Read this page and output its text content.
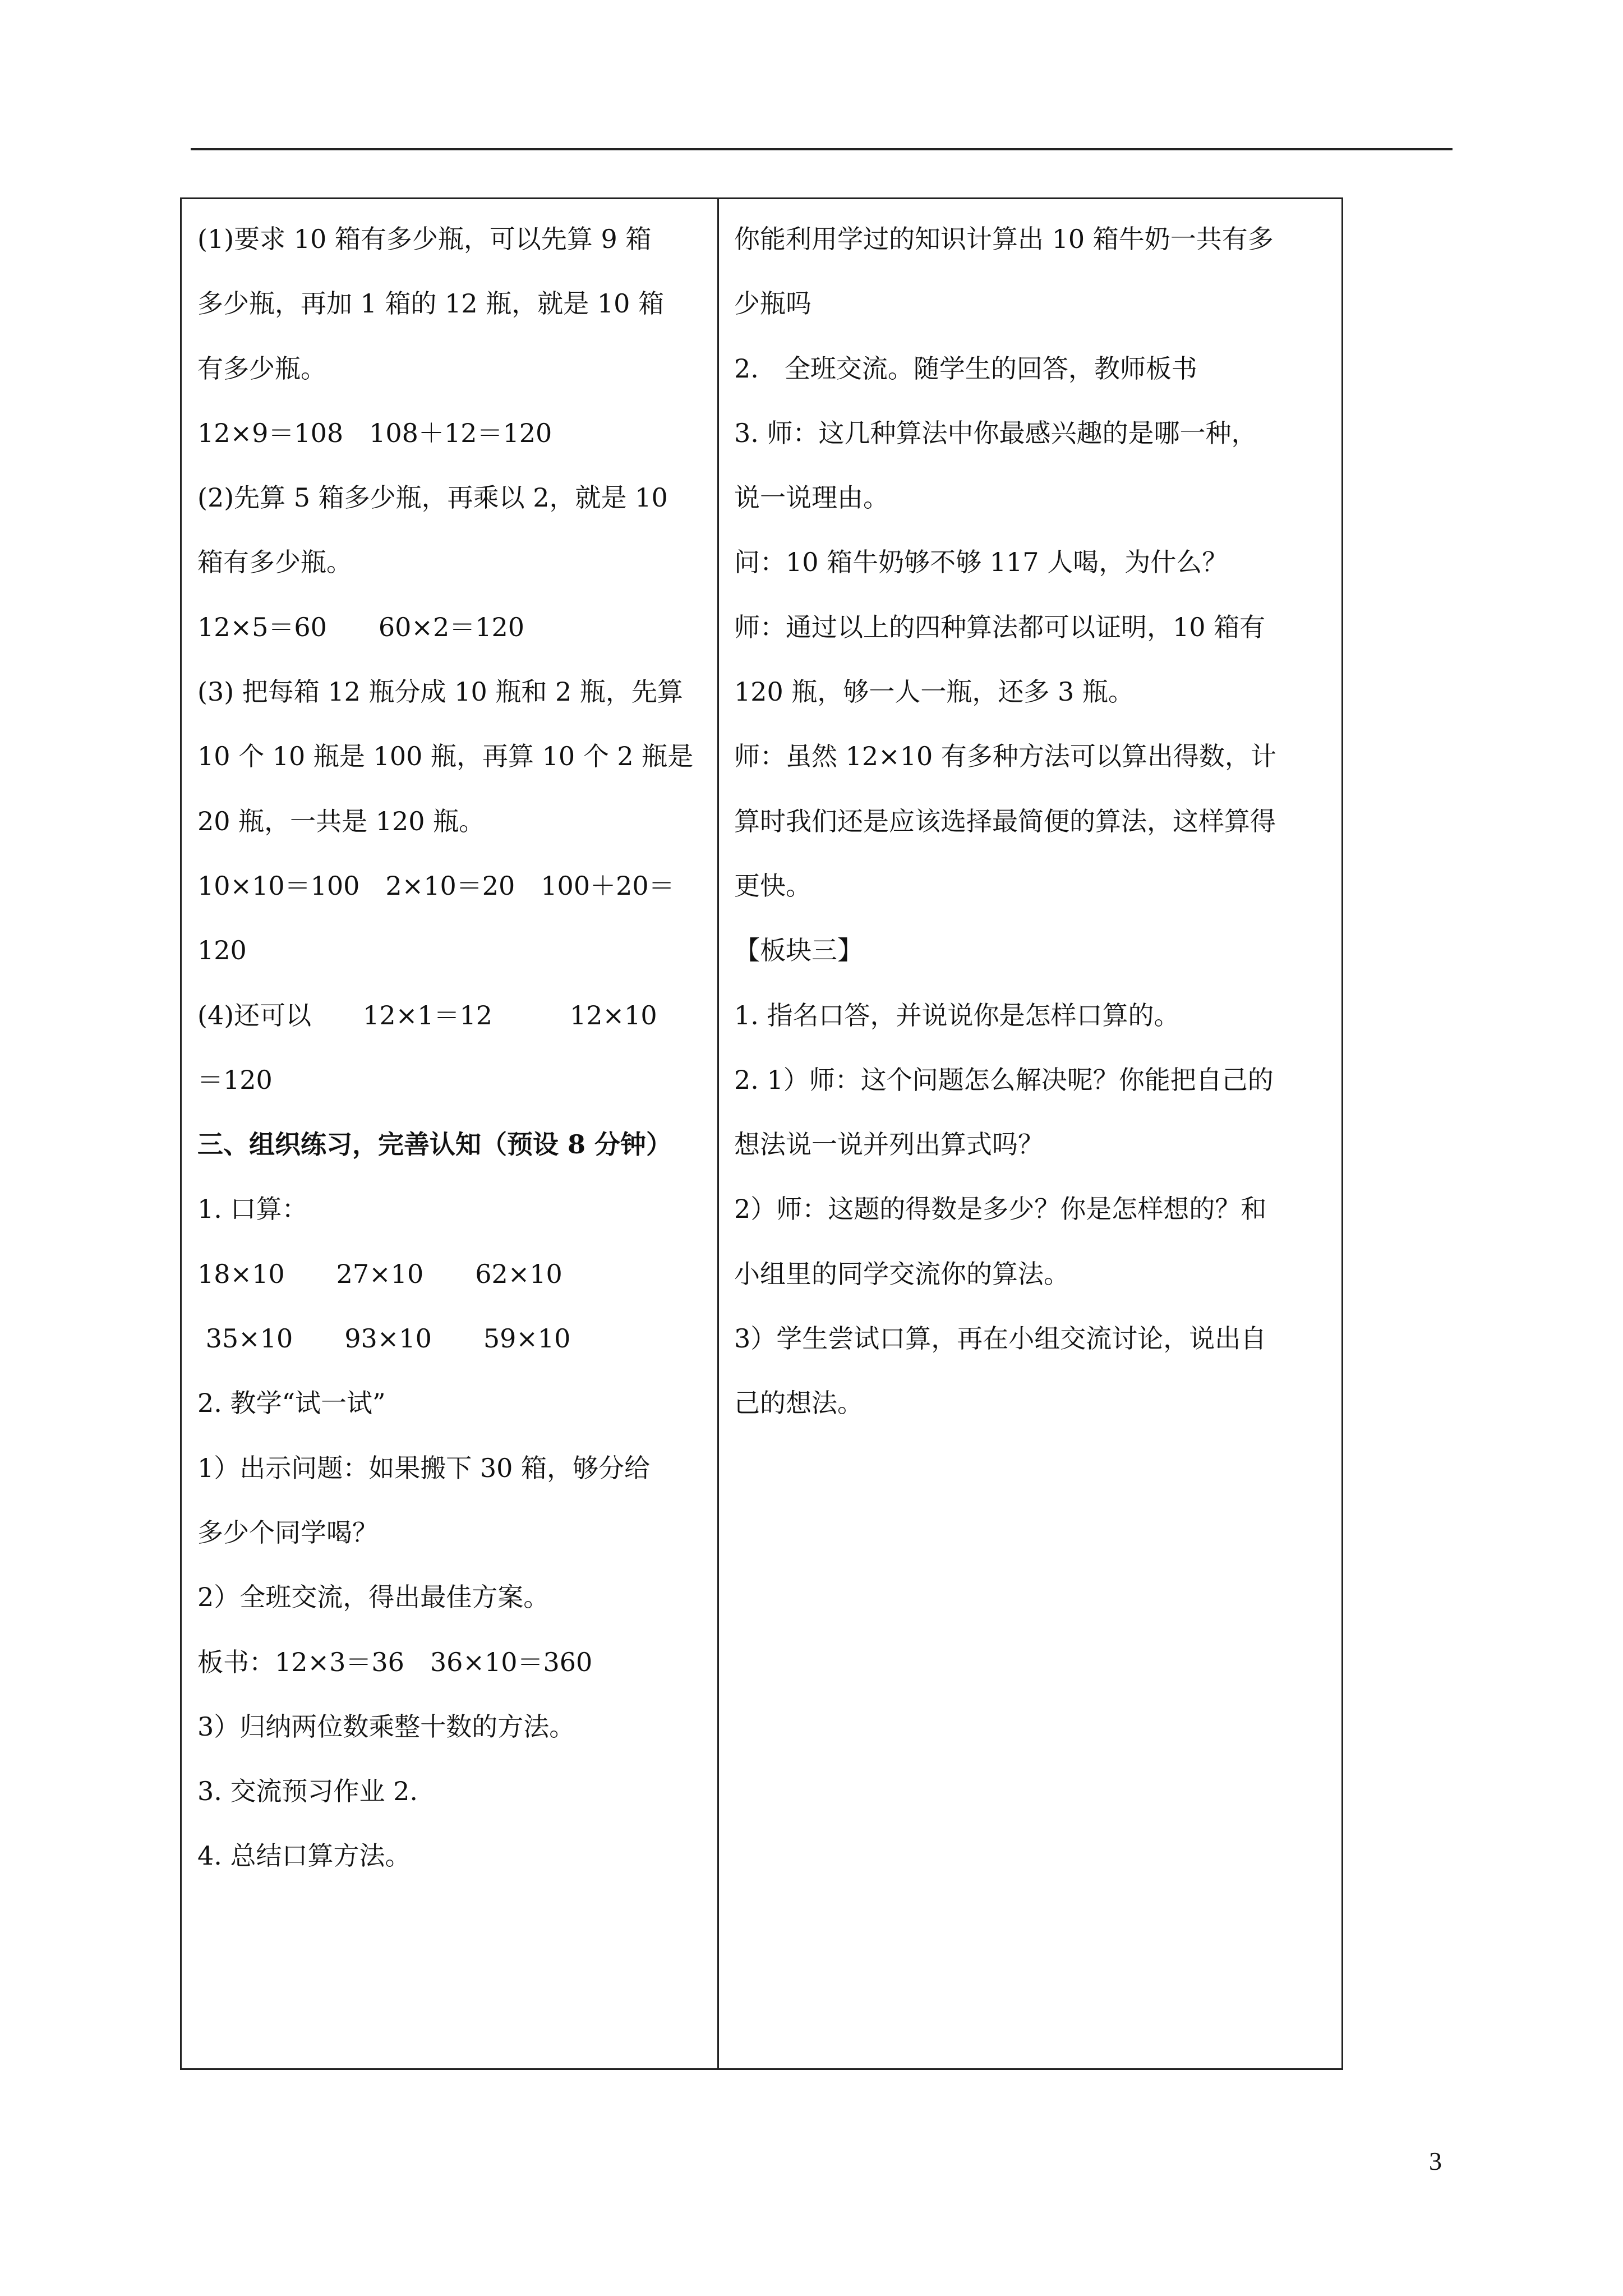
(1)要求 10 箱有多少瓶，可以先算 9 箱
多少瓶，再加 1 箱的 12 瓶，就是 10 箱
有多少瓶。
12×9＝108　108＋12＝120
(2)先算 5 箱多少瓶，再乘以 2，就是 10
箱有多少瓶。
12×5＝60　　60×2＝120
(3) 把每箱 12 瓶分成 10 瓶和 2 瓶，先算
10 个 10 瓶是 100 瓶，再算 10 个 2 瓶是
20 瓶，一共是 120 瓶。
10×10＝100　2×10＝20　100＋20＝
120
(4)还可以　　12×1＝12　　　12×10
＝120
三、组织练习，完善认知（预设 8 分钟）
1. 口算：
18×10　　27×10　　62×10
35×10　　93×10　　59×10
2. 教学“试一试”
1）出示问题：如果搬下 30 箱，够分给
多少个同学喝？
2）全班交流，得出最佳方案。
板书：12×3＝36　36×10＝360
3）归纳两位数乘整十数的方法。
3. 交流预习作业 2.
4. 总结口算方法。
你能利用学过的知识计算出 10 箱牛奶一共有多
少瓶吗
2.　全班交流。随学生的回答，教师板书
3. 师：这几种算法中你最感兴趣的是哪一种，
说一说理由。
问：10 箱牛奶够不够 117 人喝，为什么？
师：通过以上的四种算法都可以证明，10 箱有
120 瓶，够一人一瓶，还多 3 瓶。
师：虽然 12×10 有多种方法可以算出得数，计
算时我们还是应该选择最简便的算法，这样算得
更快。
【板块三】
1. 指名口答，并说说你是怎样口算的。
2. 1）师：这个问题怎么解决呢？你能把自己的
想法说一说并列出算式吗？
2）师：这题的得数是多少？你是怎样想的？和
小组里的同学交流你的算法。
3）学生尝试口算，再在小组交流讨论，说出自
己的想法。
3
